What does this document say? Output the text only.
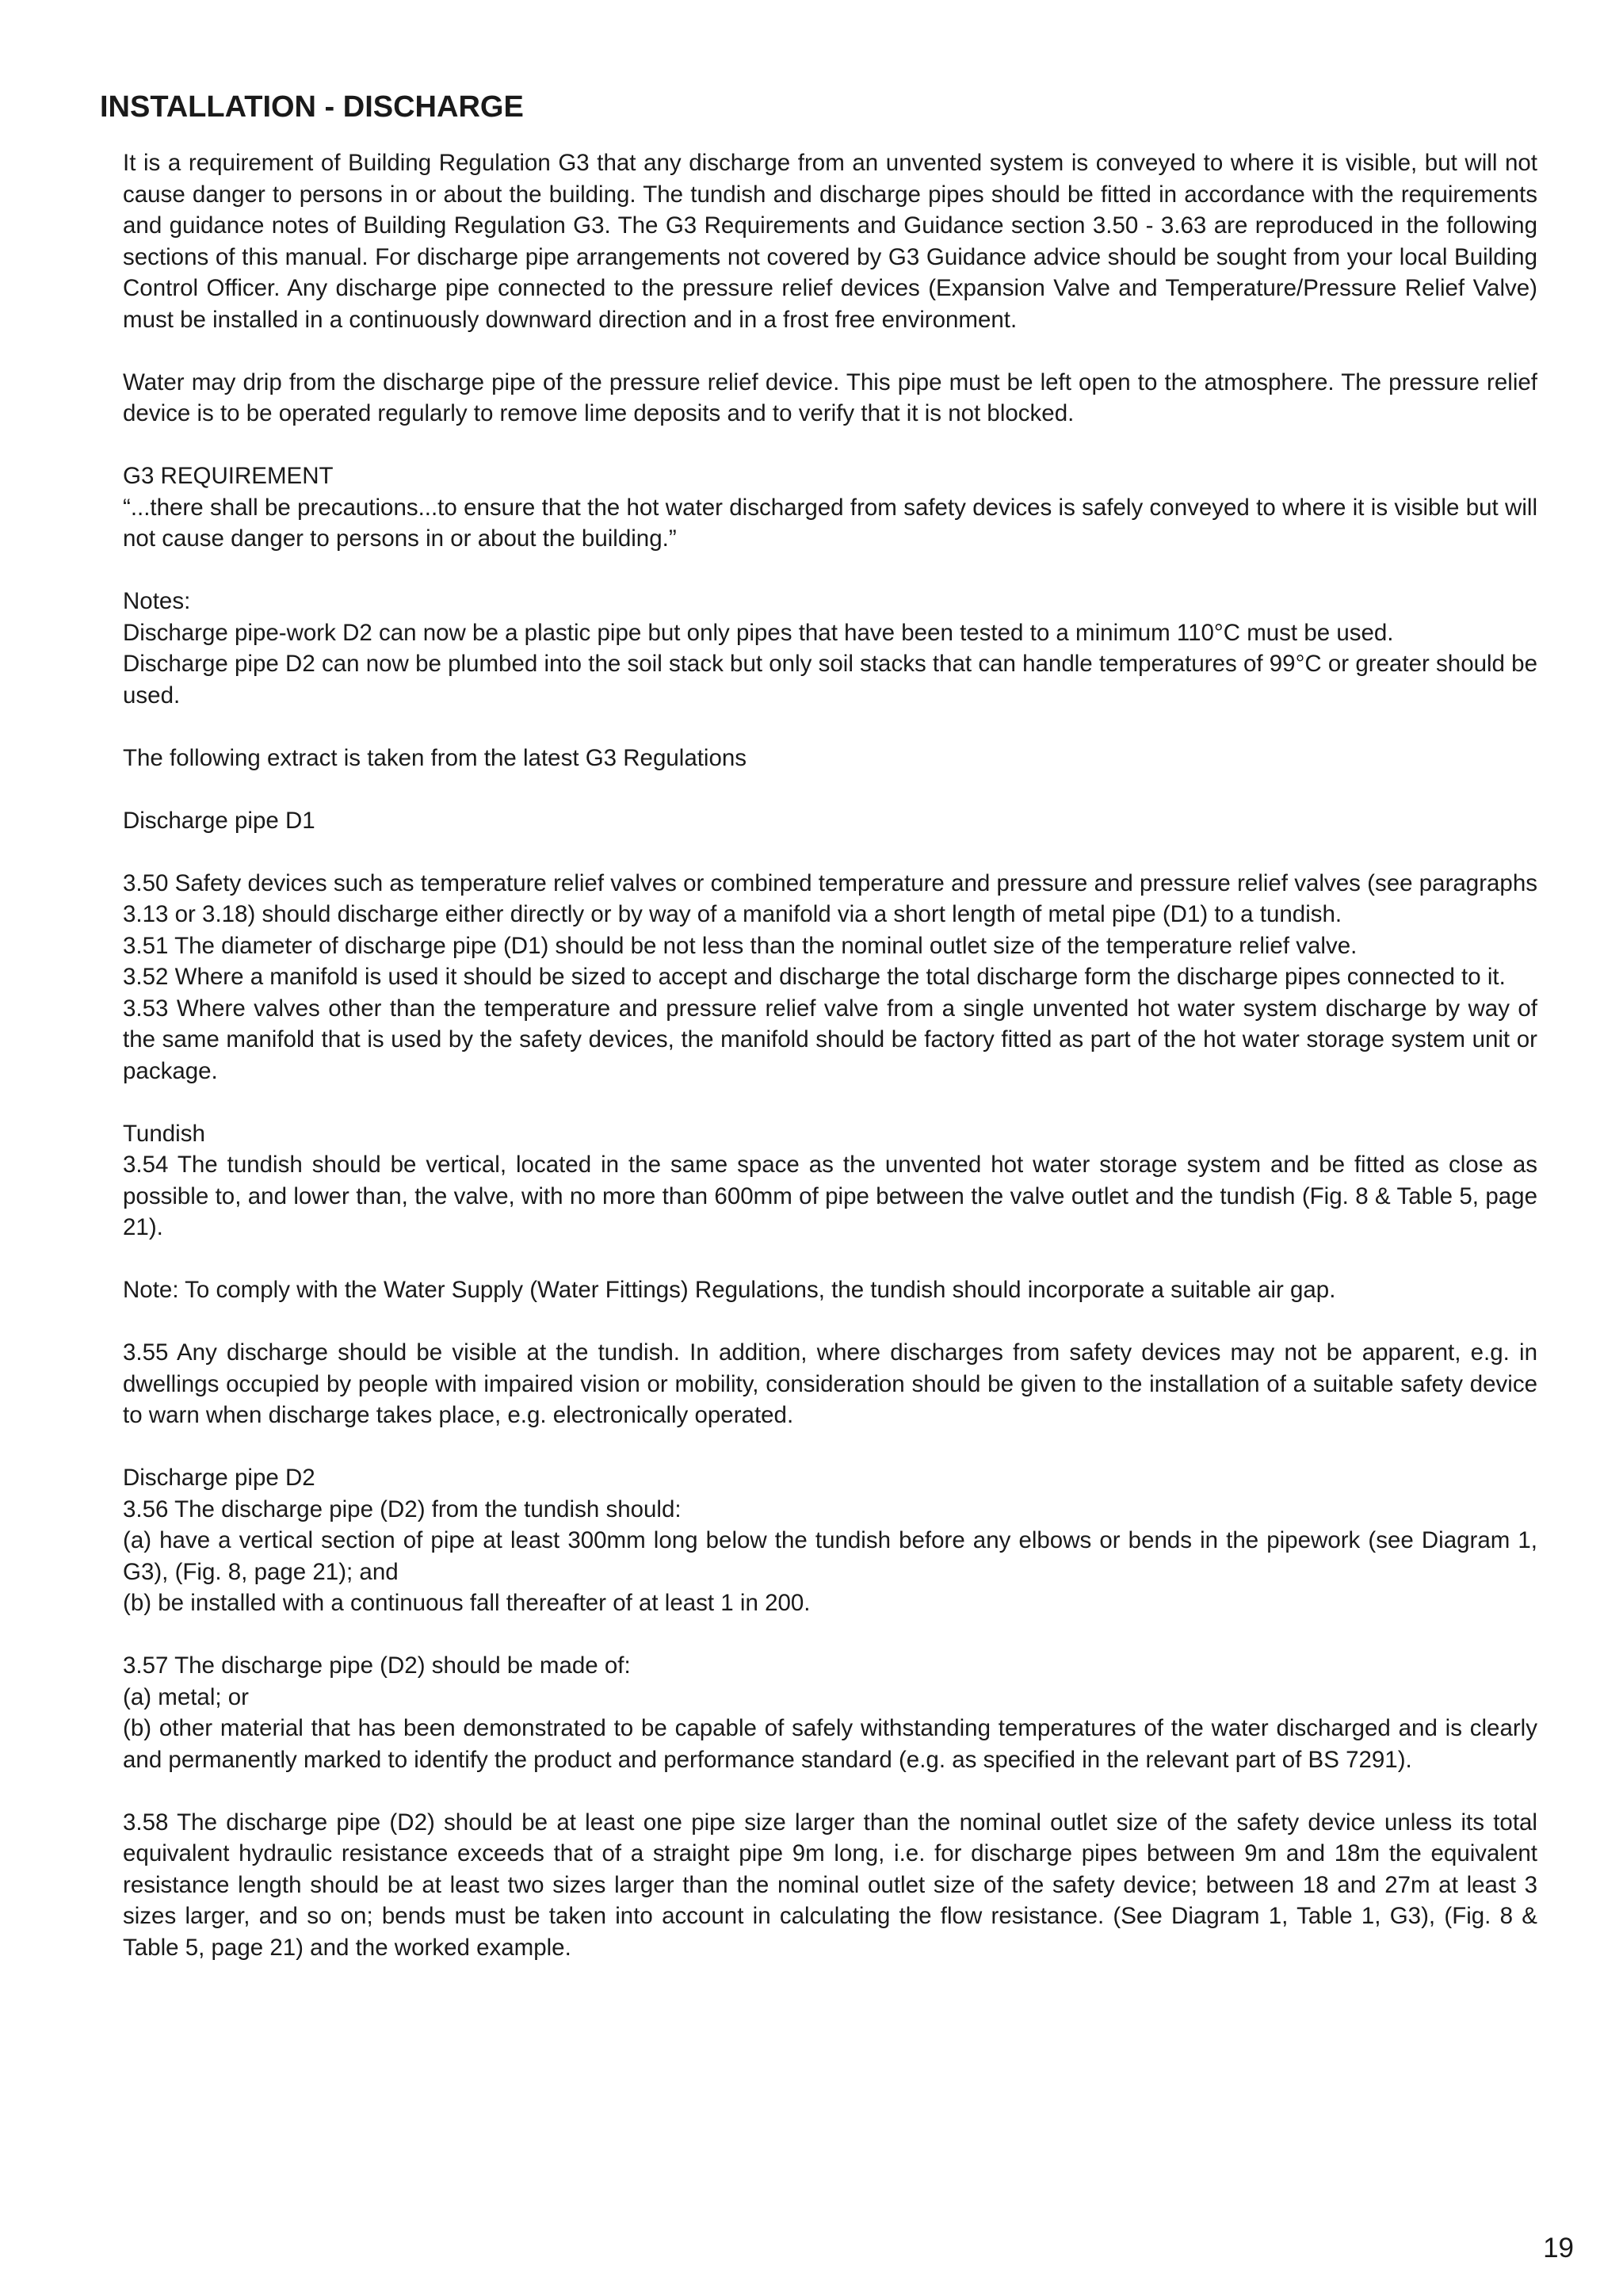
INSTALLATION - DISCHARGE

It is a requirement of Building Regulation G3 that any discharge from an unvented system is conveyed to where it is visible, but will not cause danger to persons in or about the building. The tundish and discharge pipes should be fitted in accordance with the requirements and guidance notes of Building Regulation G3. The G3 Requirements and Guidance section 3.50 - 3.63 are reproduced in the following sections of this manual. For discharge pipe arrangements not covered by G3 Guidance advice should be sought from your local Building Control Officer. Any discharge pipe connected to the pressure relief devices (Expansion Valve and Temperature/Pressure Relief Valve) must be installed in a continuously downward direction and in a frost free environment.

Water may drip from the discharge pipe of the pressure relief device. This pipe must be left open to the atmosphere. The pressure relief device is to be operated regularly to remove lime deposits and to verify that it is not blocked.

G3 REQUIREMENT

“...there shall be precautions...to ensure that the hot water discharged from safety devices is safely conveyed to where it is visible but will not cause danger to persons in or about the building.”

Notes:

Discharge pipe-work D2 can now be a plastic pipe but only pipes that have been tested to a minimum 110°C must be used.

Discharge pipe D2 can now be plumbed into the soil stack but only soil stacks that can handle temperatures of 99°C or greater should be used.

The following extract is taken from the latest G3 Regulations

Discharge pipe D1

3.50 Safety devices such as temperature relief valves or combined temperature and pressure and pressure relief valves (see paragraphs 3.13 or 3.18) should discharge either directly or by way of a manifold via a short length of metal pipe (D1) to a tundish.

3.51 The diameter of discharge pipe (D1) should be not less than the nominal outlet size of the temperature relief valve.

3.52 Where a manifold is used it should be sized to accept and discharge the total discharge form the discharge pipes connected to it.

3.53 Where valves other than the temperature and pressure relief valve from a single unvented hot water system discharge by way of the same manifold that is used by the safety devices, the manifold should be factory fitted as part of the hot water storage system unit or package.

Tundish

3.54 The tundish should be vertical, located in the same space as the unvented hot water storage system and be fitted as close as possible to, and lower than, the valve, with no more than 600mm of pipe between the valve outlet and the tundish (Fig. 8 & Table 5, page 21).

Note: To comply with the Water Supply (Water Fittings) Regulations, the tundish should incorporate a suitable air gap.

3.55 Any discharge should be visible at the tundish. In addition, where discharges from safety devices may not be apparent, e.g. in dwellings occupied by people with impaired vision or mobility, consideration should be given to the installation of a suitable safety device to warn when discharge takes place, e.g. electronically operated.

Discharge pipe D2

3.56 The discharge pipe (D2) from the tundish should:

(a) have a vertical section of pipe at least 300mm long below the tundish before any elbows or bends in the pipework (see Diagram 1, G3), (Fig. 8, page 21); and

(b) be installed with a continuous fall thereafter of at least 1 in 200.

3.57 The discharge pipe (D2) should be made of:

(a) metal; or

(b) other material that has been demonstrated to be capable of safely withstanding temperatures of the water discharged and is clearly and permanently marked to identify the product and performance standard (e.g. as specified in the relevant part of BS 7291).

3.58 The discharge pipe (D2) should be at least one pipe size larger than the nominal outlet size of the safety device unless its total equivalent hydraulic resistance exceeds that of a straight pipe 9m long, i.e. for discharge pipes between 9m and 18m the equivalent resistance length should be at least two sizes larger than the nominal outlet size of the safety device; between 18 and 27m at least 3 sizes larger, and so on; bends must be taken into account in calculating the flow resistance. (See Diagram 1, Table 1, G3), (Fig. 8 & Table 5, page 21) and the worked example.

19
